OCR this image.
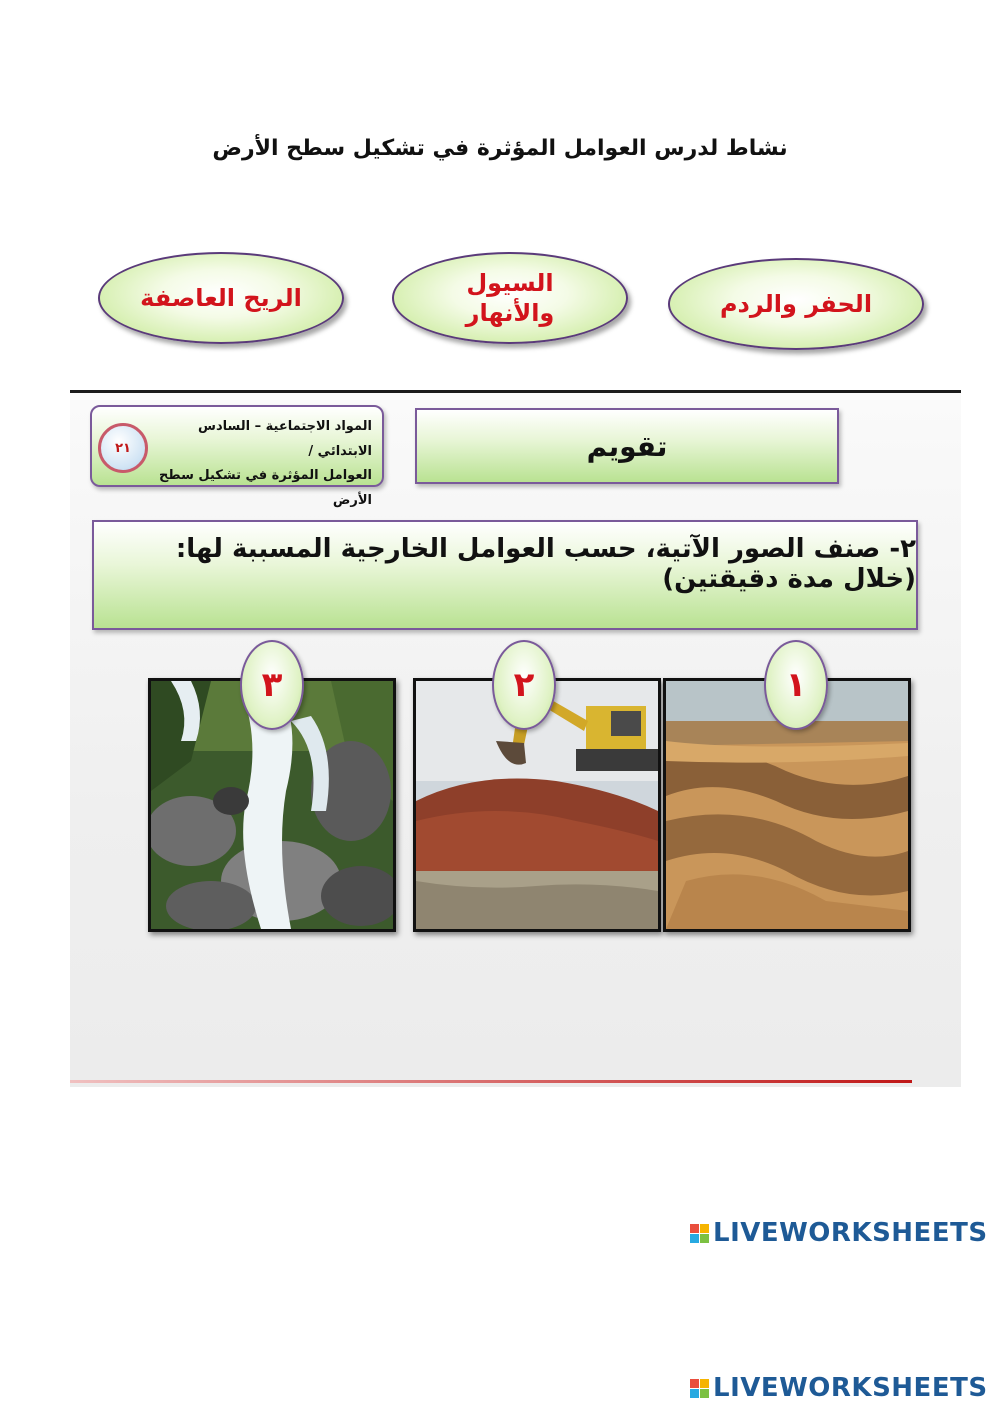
نشاط لدرس العوامل المؤثرة في تشكيل سطح الأرض
الريح العاصفة
السيول والأنهار	الحفر والردم
المواد الاجتماعية – السادس الابتدائي /
العوامل المؤثرة في تشكيل سطح الأرض
٢١	تقويم
٢- صنف الصور الآتية، حسب العوامل الخارجية المسببة لها: (خلال مدة دقيقتين)
٣	٢	١
LIVEWORKSHEETS
LIVEWORKSHEETS
